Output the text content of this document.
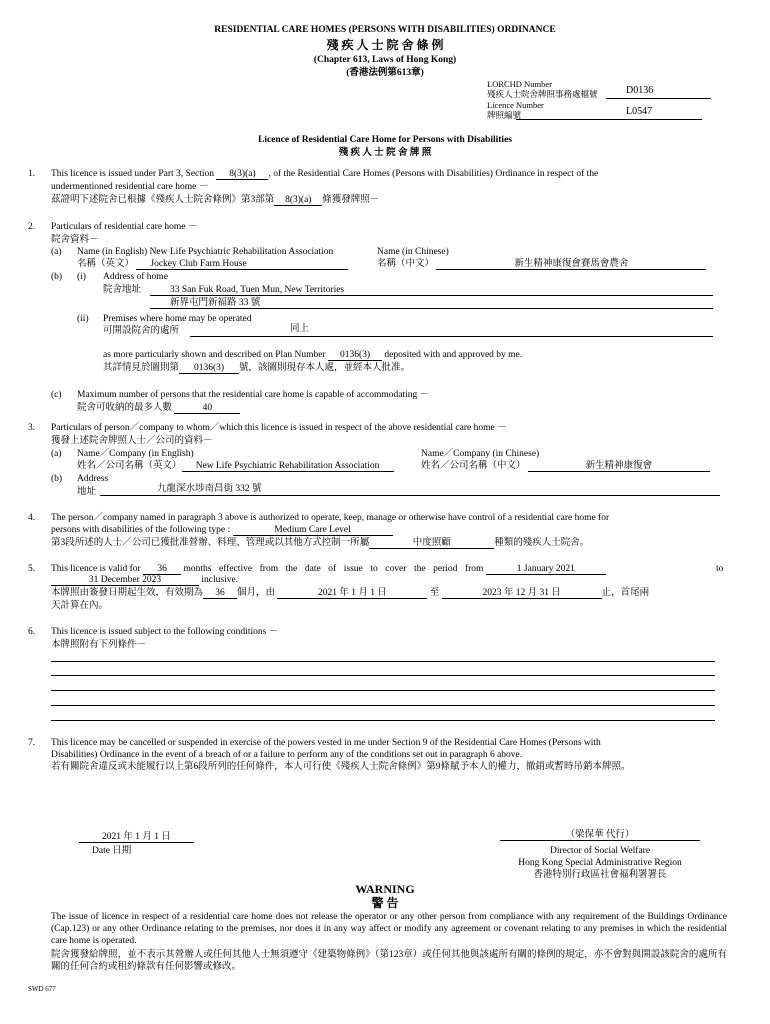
RESIDENTIAL CARE HOMES (PERSONS WITH DISABILITIES) ORDINANCE
殘 疾 人 士 院 舍 條 例
(Chapter 613, Laws of Hong Kong)
(香港法例第613章)
LORCHD Number
殘疾人士院舍牌照事務處檔號	D0136
Licence Number
牌照編號	L0547
Licence of Residential Care Home for Persons with Disabilities
殘 疾 人 士 院 舍 牌 照
1. This licence is issued under Part 3, Section 8(3)(a) , of the Residential Care Homes (Persons with Disabilities) Ordinance in respect of the
undermentioned residential care home －
茲證明下述院舍已根據《殘疾人士院舍條例》第3部第 8(3)(a) 條獲發牌照－
2. Particulars of residential care home －
院舍資料－
(a) Name (in English) New Life Psychiatric Rehabilitation Association	Name (in Chinese)
名稱（英文） Jockey Club Farm House	名稱（中文）	新生精神康復會賽馬會農舍
(b) (i) Address of home
院舍地址	33 San Fuk Road, Tuen Mun, New Territories
新界屯門新福路 33 號
(ii) Premises where home may be operated
可開設院舍的處所	同上
as more particularly shown and described on Plan Number 0136(3) deposited with and approved by me.
其詳情見於圖則第 0136(3) 號，該圖則現存本人處，並經本人批准。
(c) Maximum number of persons that the residential care home is capable of accommodating －
院舍可收納的最多人數	40
3. Particulars of person／company to whom／which this licence is issued in respect of the above residential care home －
獲發上述院舍牌照人士／公司的資料－
(a) Name／Company (in English)	Name／Company (in Chinese)
姓名／公司名稱（英文） New Life Psychiatric Rehabilitation Association	姓名／公司名稱（中文）	新生精神康復會
(b) Address
地址	九龍深水埗南昌街 332 號
4. The person／company named in paragraph 3 above is authorized to operate, keep, manage or otherwise have control of a residential care home for
persons with disabilities of the following type :	Medium Care Level
第3段所述的人士／公司已獲批准營辦、料理、管理或以其他方式控制一所屬	中度照顧	種類的殘疾人士院舍。
5. This licence is valid for 36 months effective from the date of issue to cover the period from	1 January 2021	to
31 December 2023	inclusive.
本牌照由簽發日期起生效，有效期為 36 個月，由	2021 年 1 月 1 日	至	2023 年 12 月 31 日	止，首尾兩
天計算在內。
6. This licence is issued subject to the following conditions －
本牌照附有下列條件－
7. This licence may be cancelled or suspended in exercise of the powers vested in me under Section 9 of the Residential Care Homes (Persons with
Disabilities) Ordinance in the event of a breach of or a failure to perform any of the conditions set out in paragraph 6 above.
若有關院舍違反或未能履行以上第6段所列的任何條件，本人可行使《殘疾人士院舍條例》第9條賦予本人的權力，撤銷或暫時吊銷本牌照。
2021 年 1 月 1 日
Date 日期
（梁保華 代行）
Director of Social Welfare
Hong Kong Special Administrative Region
香港特別行政區社會福利署署長
WARNING
警 告
The issue of licence in respect of a residential care home does not release the operator or any other person from compliance with any requirement of the Buildings Ordinance (Cap.123) or any other Ordinance relating to the premises, nor does it in any way affect or modify any agreement or covenant relating to any premises in which the residential care home is operated.
院舍獲發給牌照，並不表示其營辦人或任何其他人士無須遵守《建築物條例》（第123章）或任何其他與該處所有關的條例的規定，亦不會對與開設該院舍的處所有關的任何合約或租約條款有任何影響或修改。
SWD 677
